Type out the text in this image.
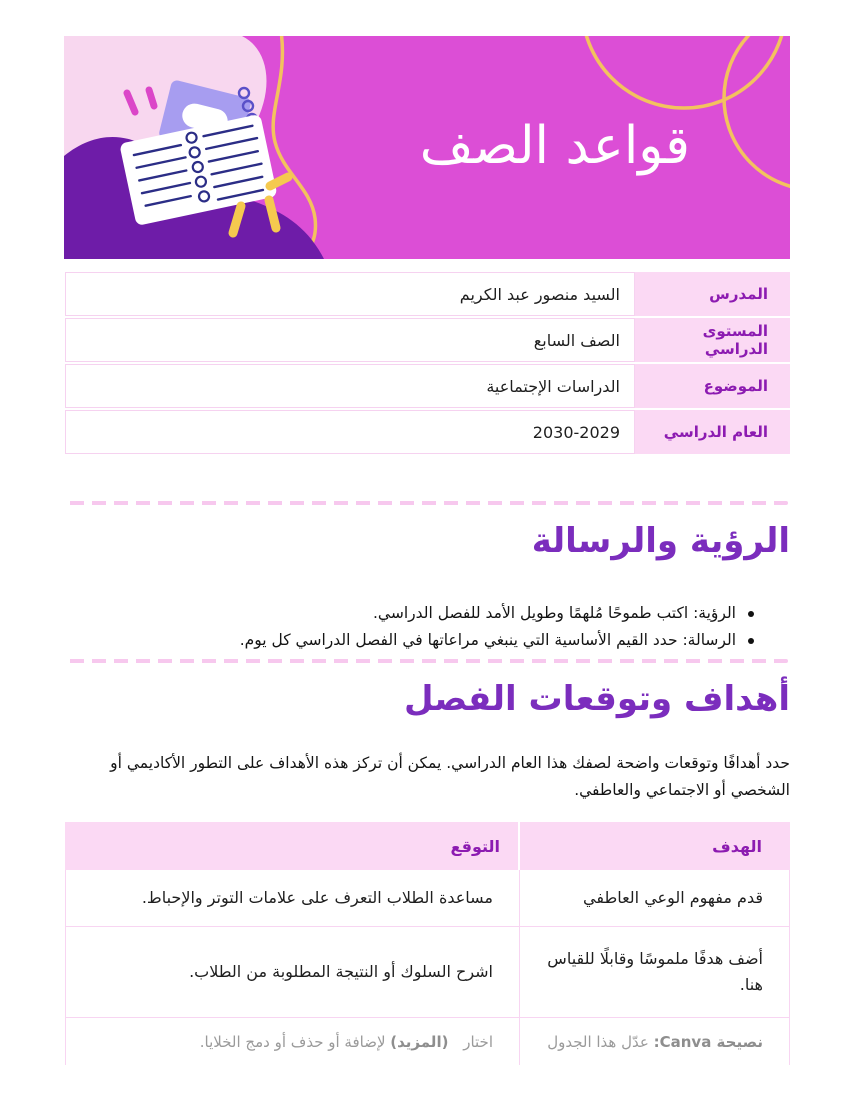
قواعد الصف
المدرس
السيد منصور عبد الكريم
المستوى الدراسي
الصف السابع
الموضوع
الدراسات الإجتماعية
العام الدراسي
2030-2029
الرؤية والرسالة
الرؤية: اكتب طموحًا مُلهمًا وطويل الأمد للفصل الدراسي.
الرسالة: حدد القيم الأساسية التي ينبغي مراعاتها في الفصل الدراسي كل يوم.
أهداف وتوقعات الفصل
حدد أهدافًا وتوقعات واضحة لصفك هذا العام الدراسي. يمكن أن تركز هذه الأهداف على التطور الأكاديمي أو الشخصي أو الاجتماعي والعاطفي.
الهدف
التوقع
قدم مفهوم الوعي العاطفي
مساعدة الطلاب التعرف على علامات التوتر والإحباط.
أضف هدفًا ملموسًا وقابلًا للقياس هنا.
اشرح السلوك أو النتيجة المطلوبة من الطلاب.
نصيحة Canva: عدّل هذا الجدول
اختار (المزيد) لإضافة أو حذف أو دمج الخلايا.
